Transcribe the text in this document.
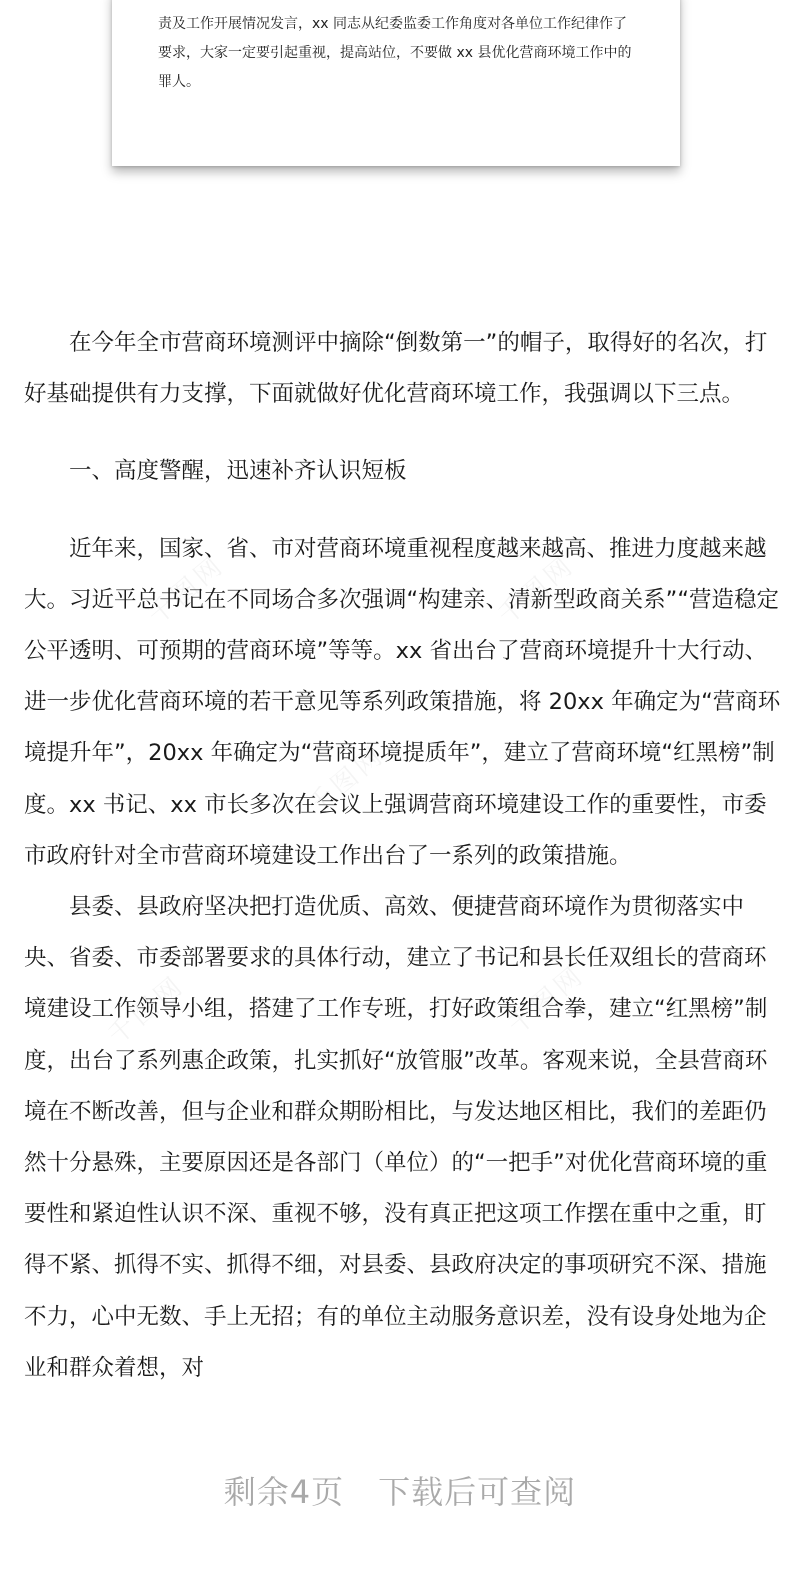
责及工作开展情况发言，xx 同志从纪委监委工作角度对各单位工作纪律作了要求，大家一定要引起重视，提高站位，不要做 xx 县优化营商环境工作中的罪人。

在今年全市营商环境测评中摘除“倒数第一”的帽子，取得好的名次，打好基础提供有力支撑，下面就做好优化营商环境工作，我强调以下三点。

一、高度警醒，迅速补齐认识短板

近年来，国家、省、市对营商环境重视程度越来越高、推进力度越来越大。习近平总书记在不同场合多次强调“构建亲、清新型政商关系”“营造稳定公平透明、可预期的营商环境”等等。xx 省出台了营商环境提升十大行动、进一步优化营商环境的若干意见等系列政策措施，将 20xx 年确定为“营商环境提升年”，20xx 年确定为“营商环境提质年”，建立了营商环境“红黑榜”制度。xx 书记、xx 市长多次在会议上强调营商环境建设工作的重要性，市委市政府针对全市营商环境建设工作出台了一系列的政策措施。

县委、县政府坚决把打造优质、高效、便捷营商环境作为贯彻落实中央、省委、市委部署要求的具体行动，建立了书记和县长任双组长的营商环境建设工作领导小组，搭建了工作专班，打好政策组合拳，建立“红黑榜”制度，出台了系列惠企政策，扎实抓好“放管服”改革。客观来说，全县营商环境在不断改善，但与企业和群众期盼相比，与发达地区相比，我们的差距仍然十分悬殊，主要原因还是各部门（单位）的“一把手”对优化营商环境的重要性和紧迫性认识不深、重视不够，没有真正把这项工作摆在重中之重，盯得不紧、抓得不实、抓得不细，对县委、县政府决定的事项研究不深、措施不力，心中无数、手上无招；有的单位主动服务意识差，没有设身处地为企业和群众着想，对

剩余4页 下载后可查阅
